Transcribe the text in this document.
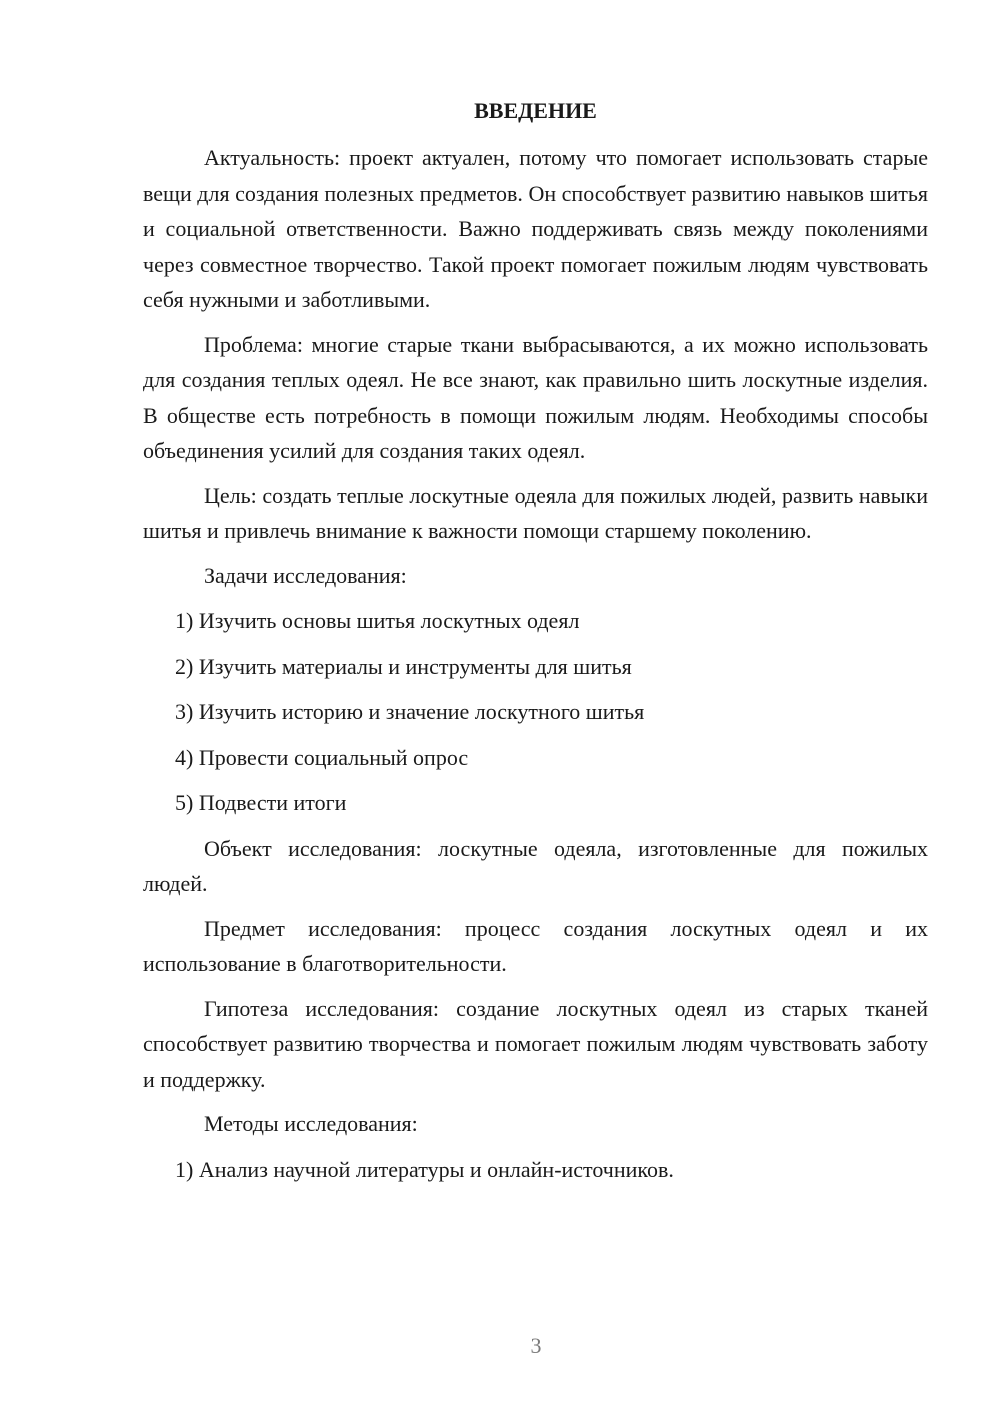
ВВЕДЕНИЕ

Актуальность: проект актуален, потому что помогает использовать старые вещи для создания полезных предметов. Он способствует развитию навыков шитья и социальной ответственности. Важно поддерживать связь между поколениями через совместное творчество. Такой проект помогает пожилым людям чувствовать себя нужными и заботливыми.

Проблема: многие старые ткани выбрасываются, а их можно использовать для создания теплых одеял. Не все знают, как правильно шить лоскутные изделия. В обществе есть потребность в помощи пожилым людям. Необходимы способы объединения усилий для создания таких одеял.

Цель: создать теплые лоскутные одеяла для пожилых людей, развить навыки шитья и привлечь внимание к важности помощи старшему поколению.

Задачи исследования:

1) Изучить основы шитья лоскутных одеял
2) Изучить материалы и инструменты для шитья
3) Изучить историю и значение лоскутного шитья
4) Провести социальный опрос
5) Подвести итоги

Объект исследования: лоскутные одеяла, изготовленные для пожилых людей.

Предмет исследования: процесс создания лоскутных одеял и их использование в благотворительности.

Гипотеза исследования: создание лоскутных одеял из старых тканей способствует развитию творчества и помогает пожилым людям чувствовать заботу и поддержку.

Методы исследования:

1) Анализ научной литературы и онлайн-источников.
3
